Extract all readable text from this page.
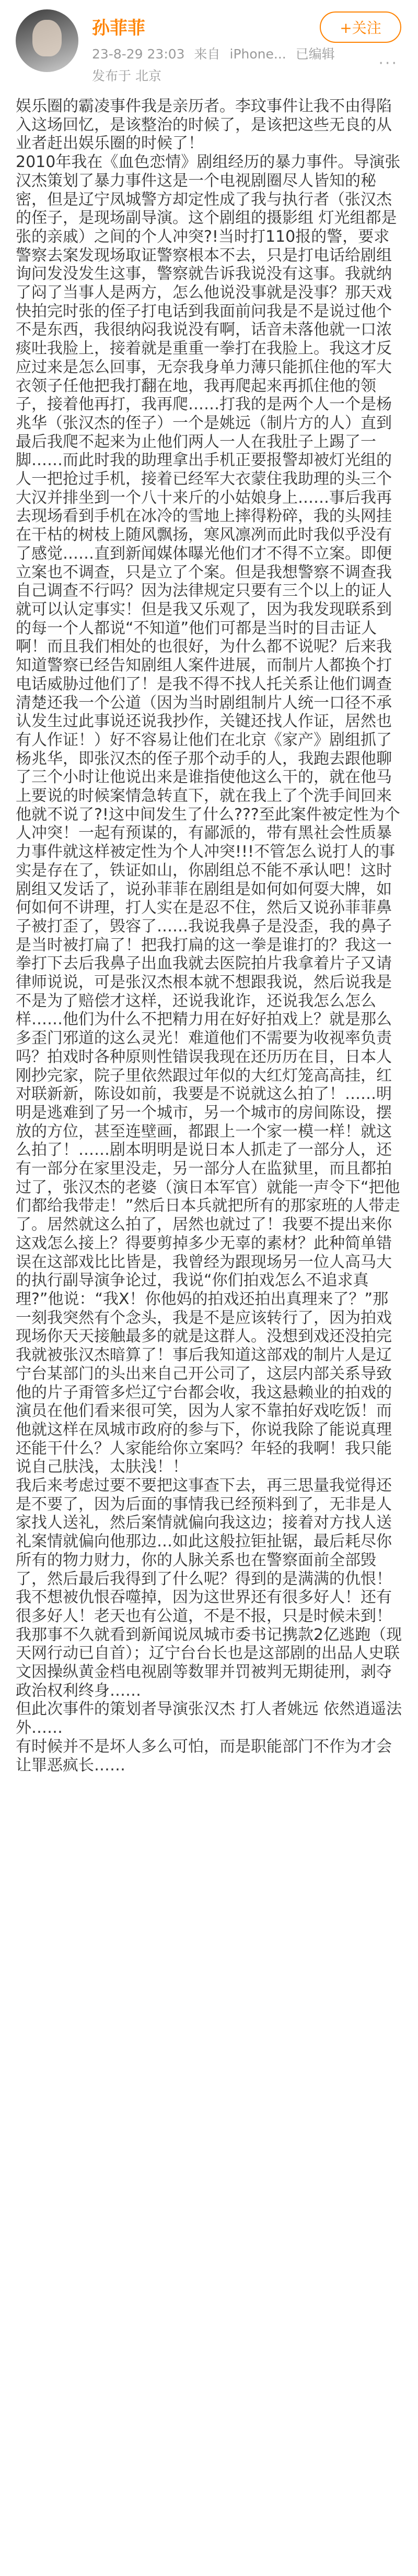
孙菲菲
23-8-29 23:03 来自 iPhone... 已编辑
发布于 北京
+关注
···
娱乐圈的霸凌事件我是亲历者。李玟事件让我不由得陷入这场回忆，是该整治的时候了，是该把这些无良的从业者赶出娱乐圈的时候了！
2010年我在《血色恋情》剧组经历的暴力事件。导演张汉杰策划了暴力事件这是一个电视剧圈尽人皆知的秘密，但是辽宁凤城警方却定性成了我与执行者（张汉杰的侄子，是现场副导演。这个剧组的摄影组 灯光组都是张的亲戚）之间的个人冲突?!当时打110报的警，要求警察去案发现场取证警察根本不去，只是打电话给剧组询问发没发生这事，警察就告诉我说没有这事。我就纳了闷了当事人是两方，怎么他说没事就是没事？那天戏快拍完时张的侄子打电话到我面前问我是不是说过他个不是东西，我很纳闷我说没有啊，话音未落他就一口浓痰吐我脸上，接着就是重重一拳打在我脸上。我这才反应过来是怎么回事，无奈我身单力薄只能抓住他的军大衣领子任他把我打翻在地，我再爬起来再抓住他的领子，接着他再打，我再爬……打我的是两个人一个是杨兆华（张汉杰的侄子）一个是姚远（制片方的人）直到最后我爬不起来为止他们两人一人在我肚子上踢了一脚……而此时我的助理拿出手机正要报警却被灯光组的人一把抢过手机，接着已经军大衣蒙住我助理的头三个大汉并排坐到一个八十来斤的小姑娘身上……事后我再去现场看到手机在冰冷的雪地上摔得粉碎，我的头网挂在干枯的树枝上随风飘扬，寒风凛冽而此时我似乎没有了感觉……直到新闻媒体曝光他们才不得不立案。即便立案也不调查，只是立了个案。但是我想警察不调查我自己调查不行吗？因为法律规定只要有三个以上的证人就可以认定事实！但是我又乐观了，因为我发现联系到的每一个人都说“不知道”他们可都是当时的目击证人啊！而且我们相处的也很好，为什么都不说呢？后来我知道警察已经告知剧组人案件进展，而制片人都换个打电话威胁过他们了！是我不得不找人托关系让他们调查清楚还我一个公道（因为当时剧组制片人统一口径不承认发生过此事说还说我抄作，关键还找人作证，居然也有人作证！）好不容易让他们在北京《家产》剧组抓了杨兆华，即张汉杰的侄子那个动手的人，我跑去跟他聊了三个小时让他说出来是谁指使他这么干的，就在他马上要说的时候案情急转直下，就在我上了个洗手间回来他就不说了?!这中间发生了什么???至此案件被定性为个人冲突！一起有预谋的，有鄙派的，带有黑社会性质暴力事件就这样被定性为个人冲突!!!不管怎么说打人的事实是存在了，铁证如山，你剧组总不能不承认吧！这时剧组又发话了，说孙菲菲在剧组是如何如何耍大牌，如何如何不讲理，打人实在是忍不住，然后又说孙菲菲鼻子被打歪了，毁容了……我说我鼻子是没歪，我的鼻子是当时被打扁了！把我打扁的这一拳是谁打的？我这一拳打下去后我鼻子出血我就去医院拍片我拿着片子又请律师说说，可是张汉杰根本就不想跟我说，然后说我是不是为了赔偿才这样，还说我讹诈，还说我怎么怎么样……他们为什么不把精力用在好好拍戏上？就是那么多歪门邪道的这么灵光！难道他们不需要为收视率负责吗？拍戏时各种原则性错误我现在还历历在目，日本人刚抄完家，院子里依然跟过年似的大红灯笼高高挂，红对联新新，陈设如前，我要是不说就这么拍了！……明明是逃难到了另一个城市，另一个城市的房间陈设，摆放的方位，甚至连壁画，都跟上一个家一模一样！就这么拍了！……剧本明明是说日本人抓走了一部分人，还有一部分在家里没走，另一部分人在监狱里，而且都拍过了，张汉杰的老婆（演日本军官）就能一声令下“把他们都给我带走！”然后日本兵就把所有的那家班的人带走了。居然就这么拍了，居然也就过了！我要不提出来你这戏怎么接上？得要剪掉多少无辜的素材？此种简单错误在这部戏比比皆是，我曾经为跟现场另一位人高马大的执行副导演争论过，我说“你们拍戏怎么不追求真理?”他说：“我X！你他妈的拍戏还拍出真理来了？”那一刻我突然有个念头，我是不是应该转行了，因为拍戏现场你天天接触最多的就是这群人。没想到戏还没拍完我就被张汉杰暗算了！事后我知道这部戏的制片人是辽宁台某部门的头出来自己开公司了，这层内部关系导致他的片子甭管多烂辽宁台都会收，我这悬赖业的拍戏的演员在他们看来很可笑，因为人家不靠拍好戏吃饭！而他就这样在凤城市政府的参与下，你说我除了能说真理还能干什么？人家能给你立案吗？年轻的我啊！我只能说自己肤浅，太肤浅！！
我后来考虑过要不要把这事查下去，再三思量我觉得还是不要了，因为后面的事情我已经预料到了，无非是人家找人送礼，然后案情就偏向我这边；接着对方找人送礼案情就偏向他那边…如此这般拉钜扯锯，最后耗尽你所有的物力财力，你的人脉关系也在警察面前全部毁了，然后最后我得到了什么呢？得到的是满满的仇恨！我不想被仇恨吞噬掉，因为这世界还有很多好人！还有很多好人！老天也有公道，不是不报，只是时候未到！我那事不久就看到新闻说凤城市委书记携款2亿逃跑（现天网行动已自首）；辽宁台台长也是这部剧的出品人史联文因操纵黄金档电视剧等数罪并罚被判无期徒刑，剥夺政治权利终身……
但此次事件的策划者导演张汉杰 打人者姚远 依然逍遥法外……
有时候并不是坏人多么可怕，而是职能部门不作为才会让罪恶疯长……
